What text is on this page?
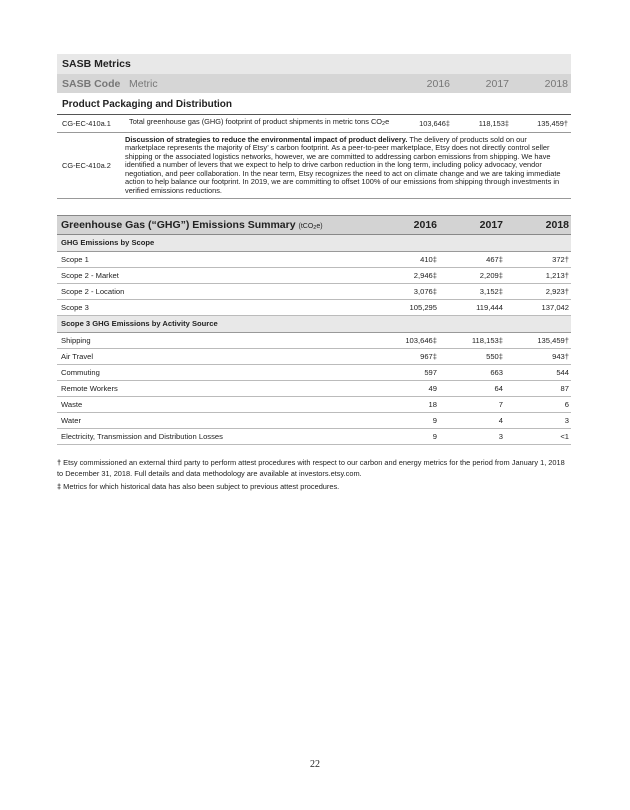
SASB Metrics
SASB Code Metric	2016	2017	2018
Product Packaging and Distribution
CG-EC-410a.1	Total greenhouse gas (GHG) footprint of product shipments in metric tons CO2e	103,646‡	118,153‡	135,459†
CG-EC-410a.2
Discussion of strategies to reduce the environmental impact of product delivery. The delivery of products sold on our marketplace represents the majority of Etsy’ s carbon footprint. As a peer-to-peer marketplace, Etsy does not directly control seller shipping or the associated logistics networks, however, we are committed to addressing carbon emissions from shipping. We have identified a number of levers that we expect to help to drive carbon reduction in the long term, including policy advocacy, vendor negotiation, and peer collaboration. In the near term, Etsy recognizes the need to act on climate change and we are taking immediate action to help balance our footprint. In 2019, we are committing to offset 100% of our emissions from shipping through investments in verified emissions reductions.
Greenhouse Gas (“GHG”) Emissions Summary (tCO2e)	2016	2017	2018
GHG Emissions by Scope
Scope 1	410‡	467‡	372†
Scope 2 - Market	2,946‡	2,209‡	1,213†
Scope 2 - Location	3,076‡	3,152‡	2,923†
Scope 3	105,295	119,444	137,042
Scope 3 GHG Emissions by Activity Source
Shipping	103,646‡	118,153‡	135,459†
Air Travel	967‡	550‡	943†
Commuting	597	663	544
Remote Workers	49	64	87
Waste	18	7	6
Water	9	4	3
Electricity, Transmission and Distribution Losses	9	3	<1

† Etsy commissioned an external third party to perform attest procedures with respect to our carbon and energy metrics for the period from January 1, 2018 to December 31, 2018. Full details and data methodology are available at investors.etsy.com.

‡ Metrics for which historical data has also been subject to previous attest procedures.

22
